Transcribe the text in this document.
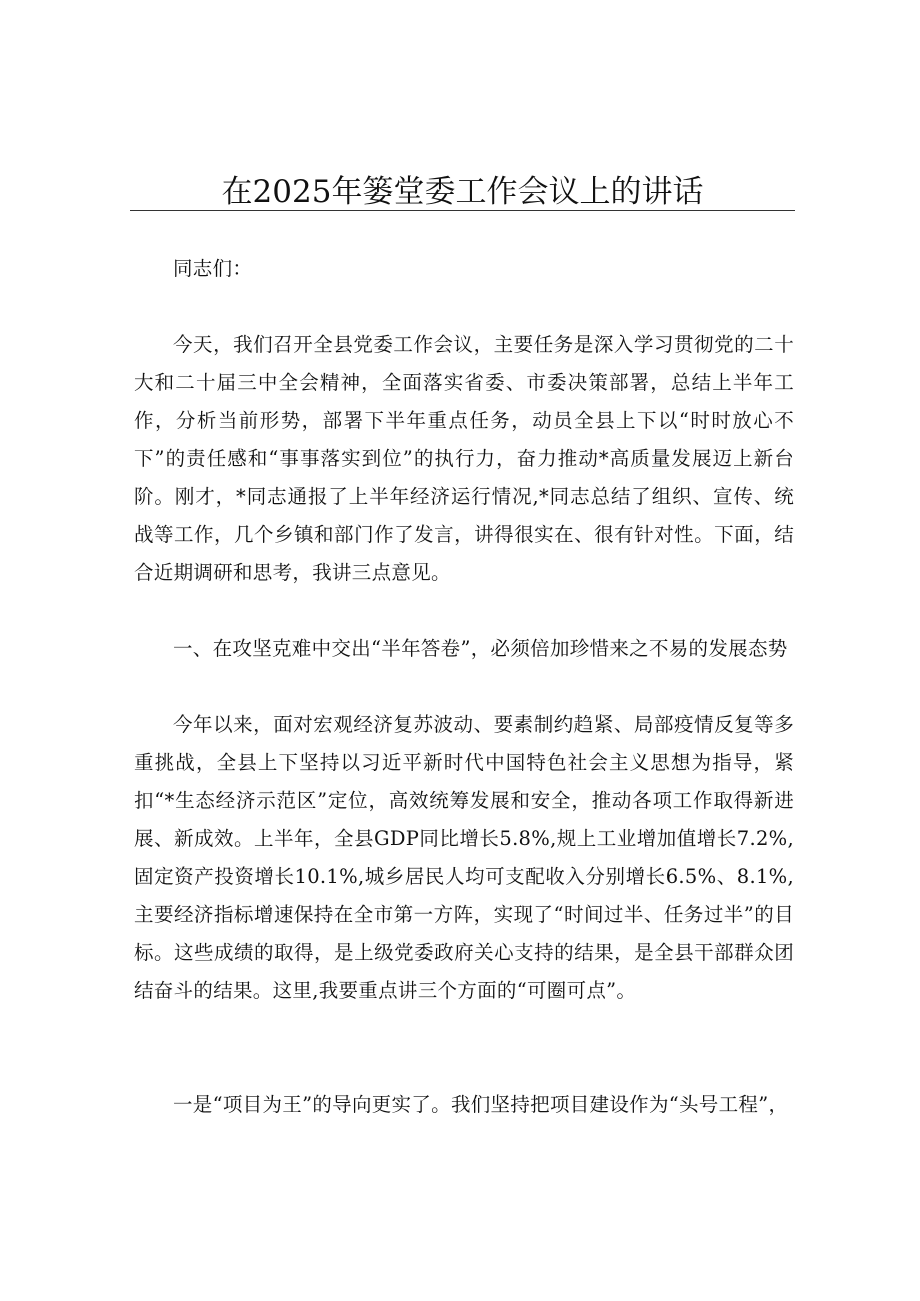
在2025年篓堂委工作会议上的讲话

同志们：

今天，我们召开全县党委工作会议，主要任务是深入学习贯彻党的二十大和二十届三中全会精神，全面落实省委、市委决策部署，总结上半年工作，分析当前形势，部署下半年重点任务，动员全县上下以“时时放心不下”的责任感和“事事落实到位”的执行力，奋力推动*高质量发展迈上新台阶。刚才，*同志通报了上半年经济运行情况,*同志总结了组织、宣传、统战等工作，几个乡镇和部门作了发言，讲得很实在、很有针对性。下面，结合近期调研和思考，我讲三点意见。

一、在攻坚克难中交出“半年答卷”，必须倍加珍惜来之不易的发展态势

今年以来，面对宏观经济复苏波动、要素制约趋紧、局部疫情反复等多重挑战，全县上下坚持以习近平新时代中国特色社会主义思想为指导，紧扣“*生态经济示范区”定位，高效统筹发展和安全，推动各项工作取得新进展、新成效。上半年，全县GDP同比增长5.8%,规上工业增加值增长7.2%,固定资产投资增长10.1%,城乡居民人均可支配收入分别增长6.5%、8.1%,主要经济指标增速保持在全市第一方阵，实现了“时间过半、任务过半”的目标。这些成绩的取得，是上级党委政府关心支持的结果，是全县干部群众团结奋斗的结果。这里,我要重点讲三个方面的“可圈可点”。

一是“项目为王”的导向更实了。我们坚持把项目建设作为“头号工程”，
